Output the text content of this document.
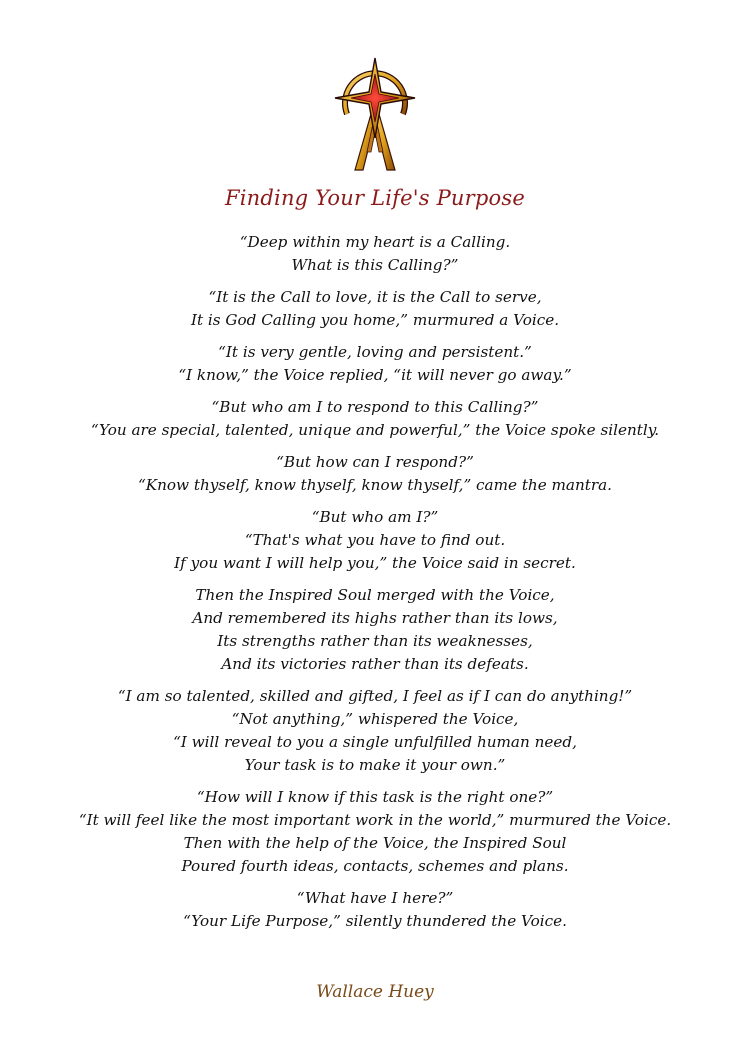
Finding Your Life's Purpose
“Deep within my heart is a Calling.
What is this Calling?”
“It is the Call to love, it is the Call to serve,
It is God Calling you home,” murmured a Voice.
“It is very gentle, loving and persistent.”
“I know,” the Voice replied, “it will never go away.”
“But who am I to respond to this Calling?”
“You are special, talented, unique and powerful,” the Voice spoke silently.
“But how can I respond?”
“Know thyself, know thyself, know thyself,” came the mantra.
“But who am I?”
“That's what you have to find out.
If you want I will help you,” the Voice said in secret.
Then the Inspired Soul merged with the Voice,
And remembered its highs rather than its lows,
Its strengths rather than its weaknesses,
And its victories rather than its defeats.
“I am so talented, skilled and gifted, I feel as if I can do anything!”
“Not anything,” whispered the Voice,
“I will reveal to you a single unfulfilled human need,
Your task is to make it your own.”
“How will I know if this task is the right one?”
“It will feel like the most important work in the world,” murmured the Voice.
Then with the help of the Voice, the Inspired Soul
Poured fourth ideas, contacts, schemes and plans.
“What have I here?”
“Your Life Purpose,” silently thundered the Voice.
Wallace Huey
